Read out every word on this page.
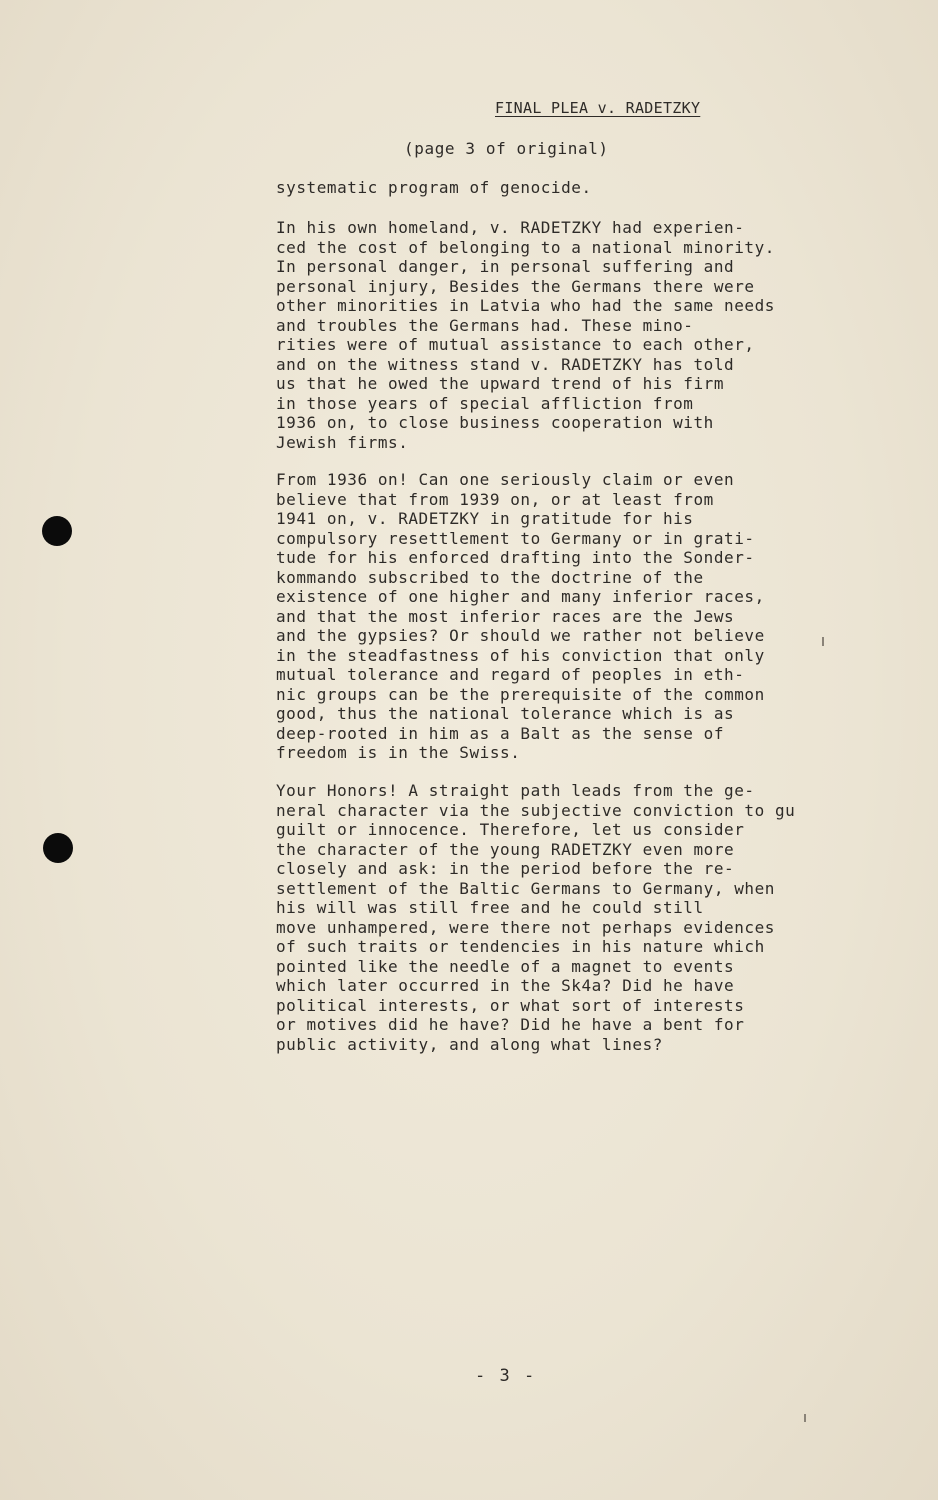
FINAL PLEA v. RADETZKY
(page 3 of original)
systematic program of genocide.
In his own homeland, v. RADETZKY had experien-
ced the cost of belonging to a national minority.
In personal danger, in personal suffering and
personal injury, Besides the Germans there were
other minorities in Latvia who had the same needs
and troubles the Germans had. These mino-
rities were of mutual assistance to each other,
and on the witness stand v. RADETZKY has told
us that he owed the upward trend of his firm
in those years of special affliction from
1936 on, to close business cooperation with
Jewish firms.
From 1936 on! Can one seriously claim or even
believe that from 1939 on, or at least from
1941 on, v. RADETZKY in gratitude for his
compulsory resettlement to Germany or in grati-
tude for his enforced drafting into the Sonder-
kommando subscribed to the doctrine of the
existence of one higher and many inferior races,
and that the most inferior races are the Jews
and the gypsies? Or should we rather not believe
in the steadfastness of his conviction that only
mutual tolerance and regard of peoples in eth-
nic groups can be the prerequisite of the common
good, thus the national tolerance which is as
deep-rooted in him as a Balt as the sense of
freedom is in the Swiss.
Your Honors! A straight path leads from the ge-
neral character via the subjective conviction to gu
guilt or innocence. Therefore, let us consider
the character of the young RADETZKY even more
closely and ask: in the period before the re-
settlement of the Baltic Germans to Germany, when
his will was still free and he could still
move unhampered, were there not perhaps evidences
of such traits or tendencies in his nature which
pointed like the needle of a magnet to events
which later occurred in the Sk4a? Did he have
political interests, or what sort of interests
or motives did he have? Did he have a bent for
public activity, and along what lines?
- 3 -
